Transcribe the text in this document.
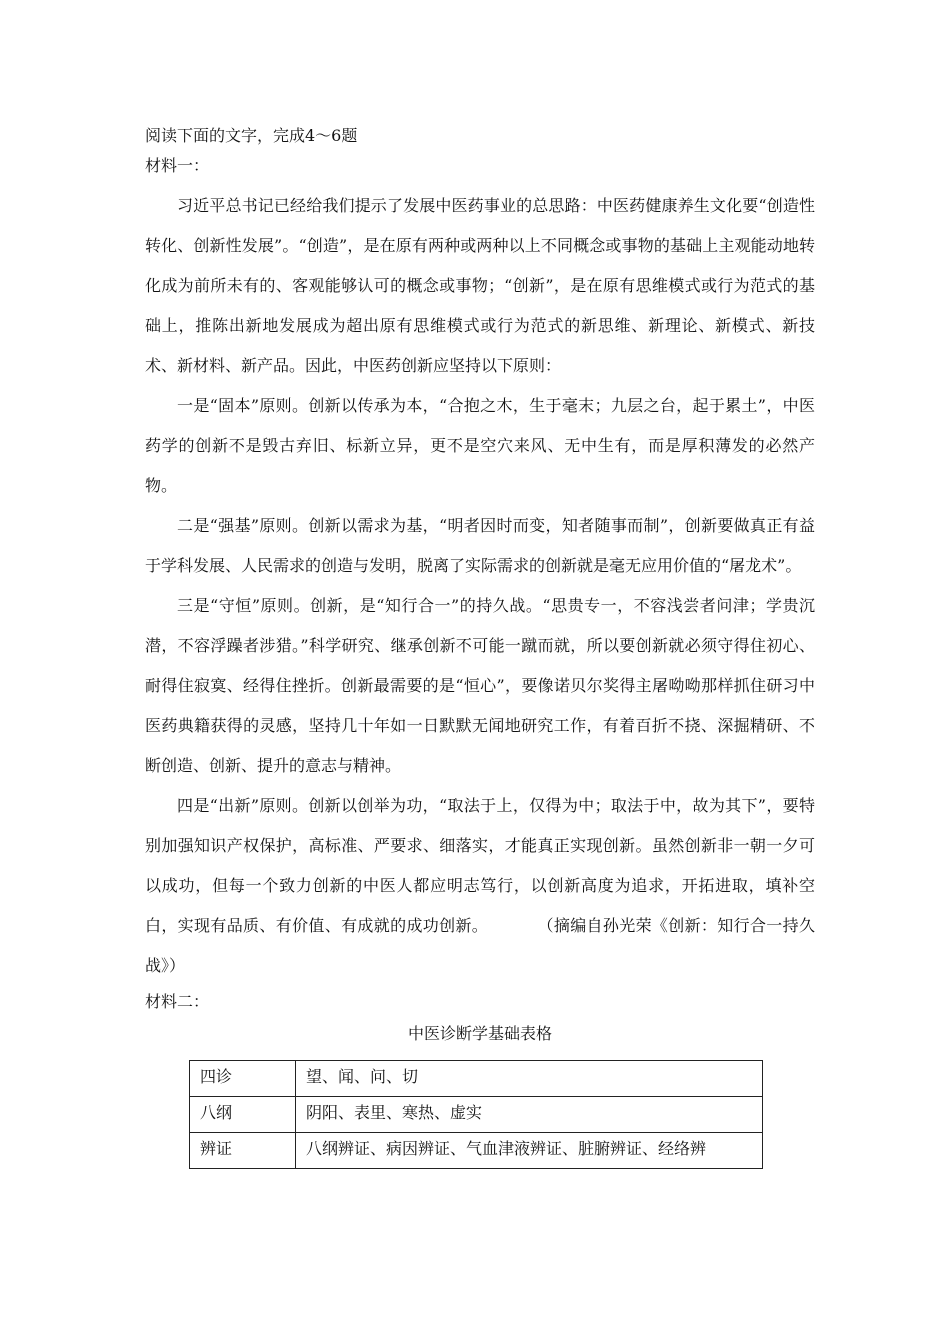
阅读下面的文字，完成4～6题

材料一：

习近平总书记已经给我们提示了发展中医药事业的总思路：中医药健康养生文化要“创造性转化、创新性发展”。“创造”，是在原有两种或两种以上不同概念或事物的基础上主观能动地转化成为前所未有的、客观能够认可的概念或事物；“创新”，是在原有思维模式或行为范式的基础上，推陈出新地发展成为超出原有思维模式或行为范式的新思维、新理论、新模式、新技术、新材料、新产品。因此，中医药创新应坚持以下原则：

一是“固本”原则。创新以传承为本，“合抱之木，生于毫末；九层之台，起于累土”，中医药学的创新不是毁古弃旧、标新立异，更不是空穴来风、无中生有，而是厚积薄发的必然产物。

二是“强基”原则。创新以需求为基，“明者因时而变，知者随事而制”，创新要做真正有益于学科发展、人民需求的创造与发明，脱离了实际需求的创新就是毫无应用价值的“屠龙术”。

三是“守恒”原则。创新，是“知行合一”的持久战。“思贵专一，不容浅尝者问津；学贵沉潜，不容浮躁者涉猎。”科学研究、继承创新不可能一蹴而就，所以要创新就必须守得住初心、耐得住寂寞、经得住挫折。创新最需要的是“恒心”，要像诺贝尔奖得主屠呦呦那样抓住研习中医药典籍获得的灵感，坚持几十年如一日默默无闻地研究工作，有着百折不挠、深掘精研、不断创造、创新、提升的意志与精神。

四是“出新”原则。创新以创举为功，“取法于上，仅得为中；取法于中，故为其下”，要特别加强知识产权保护，高标准、严要求、细落实，才能真正实现创新。虽然创新非一朝一夕可以成功，但每一个致力创新的中医人都应明志笃行，以创新高度为追求，开拓进取，填补空白，实现有品质、有价值、有成就的成功创新。　　　　	（摘编自孙光荣《创新：知行合一持久战》）

材料二：

中医诊断学基础表格

四诊	望、闻、问、切
八纲	阴阳、表里、寒热、虚实
辨证	八纲辨证、病因辨证、气血津液辨证、脏腑辨证、经络辨
